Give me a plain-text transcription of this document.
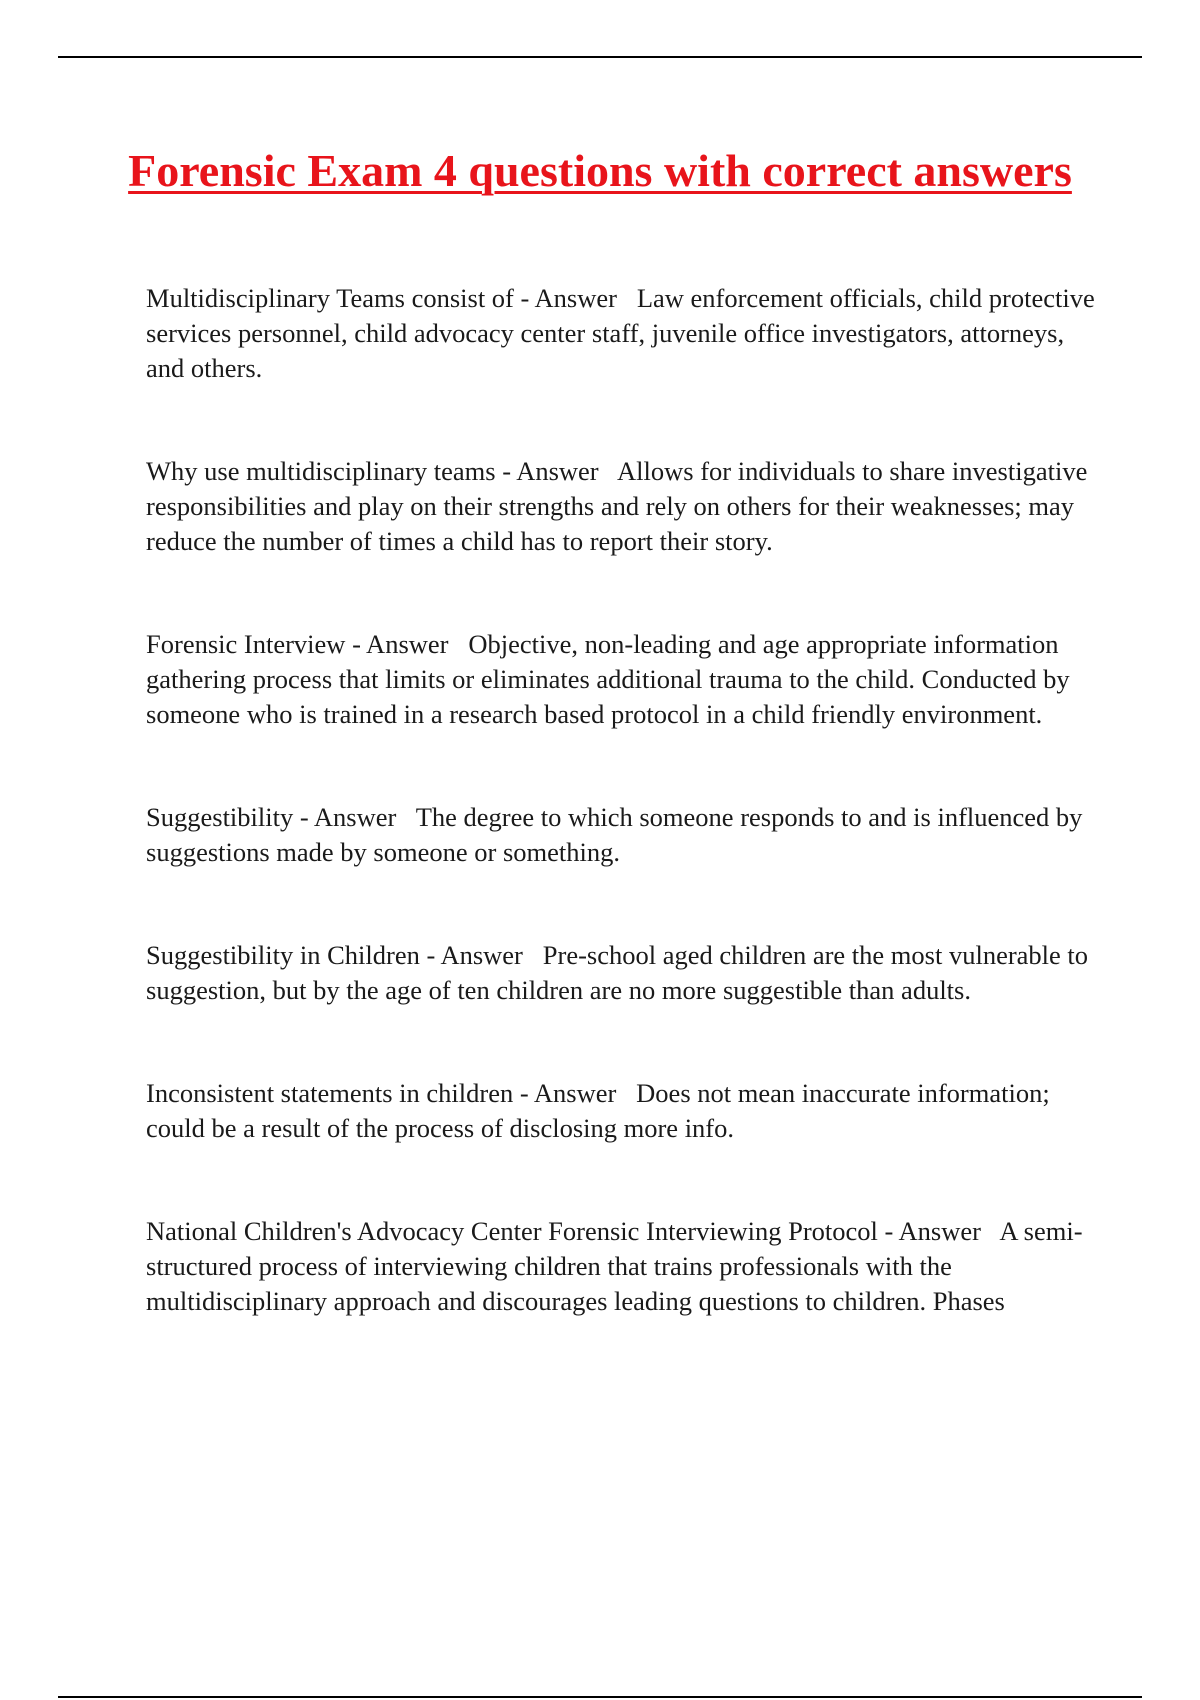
Forensic Exam 4 questions with correct answers

Multidisciplinary Teams consist of - Answer   Law enforcement officials, child protective services personnel, child advocacy center staff, juvenile office investigators, attorneys, and others.

Why use multidisciplinary teams - Answer   Allows for individuals to share investigative responsibilities and play on their strengths and rely on others for their weaknesses; may reduce the number of times a child has to report their story.

Forensic Interview - Answer   Objective, non-leading and age appropriate information gathering process that limits or eliminates additional trauma to the child. Conducted by someone who is trained in a research based protocol in a child friendly environment.

Suggestibility - Answer   The degree to which someone responds to and is influenced by suggestions made by someone or something.

Suggestibility in Children - Answer   Pre-school aged children are the most vulnerable to suggestion, but by the age of ten children are no more suggestible than adults.

Inconsistent statements in children - Answer   Does not mean inaccurate information; could be a result of the process of disclosing more info.

National Children's Advocacy Center Forensic Interviewing Protocol - Answer   A semi-structured process of interviewing children that trains professionals with the multidisciplinary approach and discourages leading questions to children. Phases
